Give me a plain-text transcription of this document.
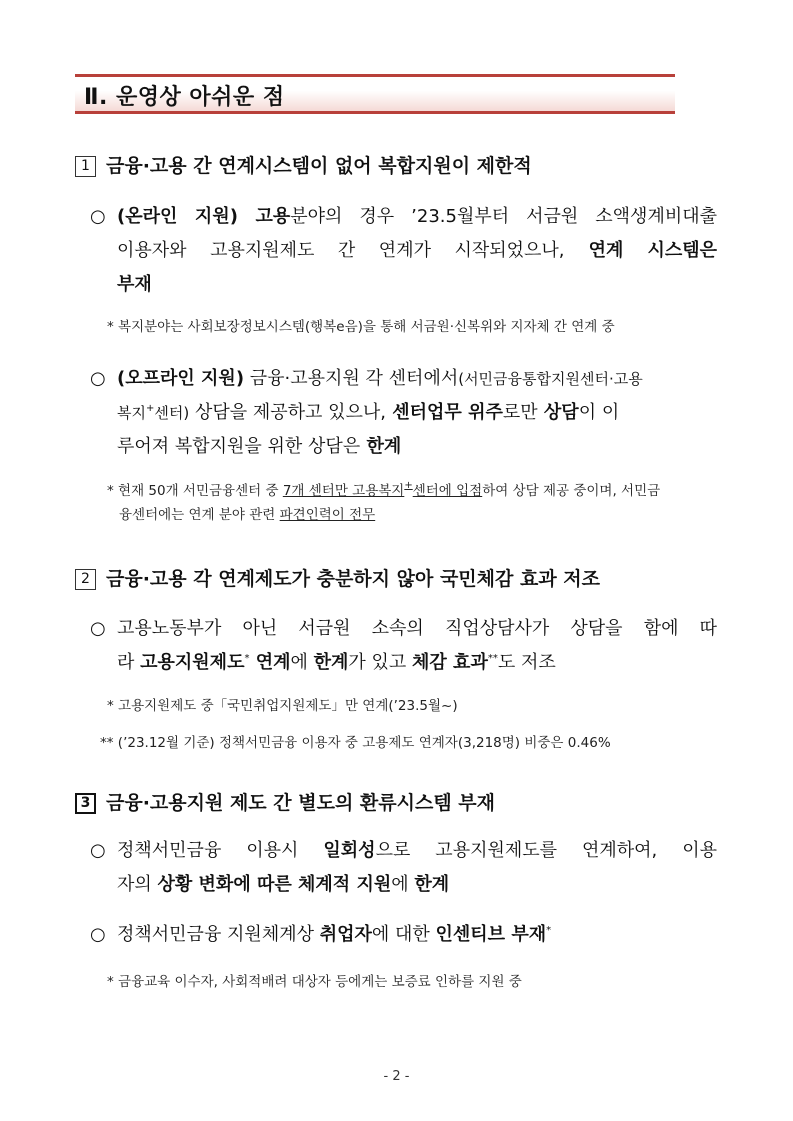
Ⅱ. 운영상 아쉬운 점
1 금융·고용 간 연계시스템이 없어 복합지원이 제한적
○ (온라인 지원) 고용분야의 경우 ’23.5월부터 서금원 소액생계비대출
이용자와 고용지원제도 간 연계가 시작되었으나, 연계 시스템은
부재
* 복지분야는 사회보장정보시스템(행복e음)을 통해 서금원·신복위와 지자체 간 연계 중
○ (오프라인 지원) 금융·고용지원 각 센터에서(서민금융통합지원센터·고용
복지+센터) 상담을 제공하고 있으나, 센터업무 위주로만 상담이 이
루어져 복합지원을 위한 상담은 한계
* 현재 50개 서민금융센터 중 7개 센터만 고용복지+센터에 입점하여 상담 제공 중이며, 서민금
융센터에는 연계 분야 관련 파견인력이 전무
2 금융·고용 각 연계제도가 충분하지 않아 국민체감 효과 저조
○ 고용노동부가 아닌 서금원 소속의 직업상담사가 상담을 함에 따
라 고용지원제도* 연계에 한계가 있고 체감 효과**도 저조
* 고용지원제도 중「국민취업지원제도」만 연계(’23.5월~)
** (’23.12월 기준) 정책서민금융 이용자 중 고용제도 연계자(3,218명) 비중은 0.46%
3 금융·고용지원 제도 간 별도의 환류시스템 부재
○ 정책서민금융 이용시 일회성으로 고용지원제도를 연계하여, 이용
자의 상황 변화에 따른 체계적 지원에 한계
○ 정책서민금융 지원체계상 취업자에 대한 인센티브 부재*
* 금융교육 이수자, 사회적배려 대상자 등에게는 보증료 인하를 지원 중
- 2 -
